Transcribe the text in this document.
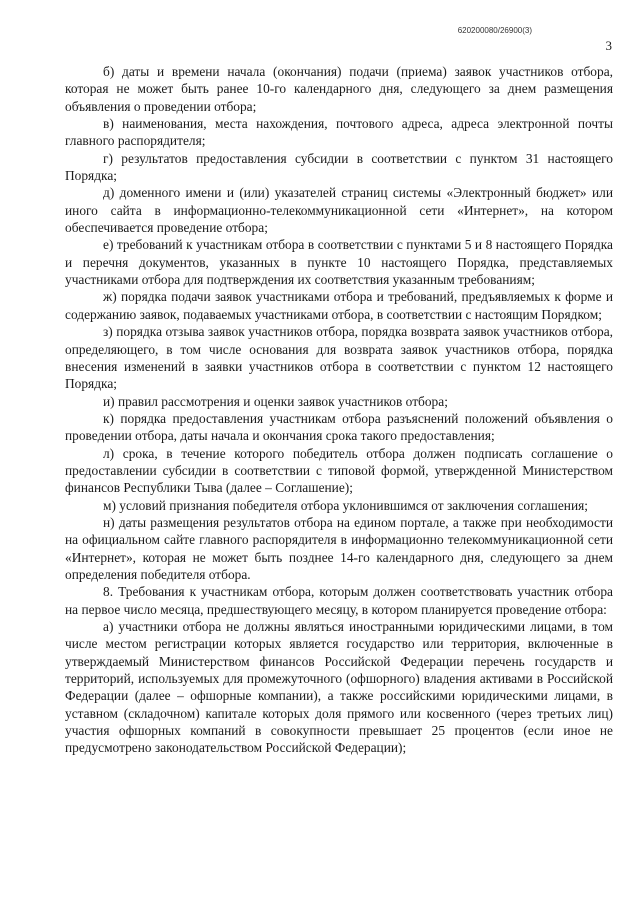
620200080/26900(3)
3

б) даты и времени начала (окончания) подачи (приема) заявок участников отбора, которая не может быть ранее 10-го календарного дня, следующего за днем размещения объявления о проведении отбора;

в) наименования, места нахождения, почтового адреса, адреса электронной почты главного распорядителя;

г) результатов предоставления субсидии в соответствии с пунктом 31 настоящего Порядка;

д) доменного имени и (или) указателей страниц системы «Электронный бюджет» или иного сайта в информационно-телекоммуникационной сети «Интернет», на котором обеспечивается проведение отбора;

е) требований к участникам отбора в соответствии с пунктами 5 и 8 настоящего Порядка и перечня документов, указанных в пункте 10 настоящего Порядка, представляемых участниками отбора для подтверждения их соответствия указанным требованиям;

ж) порядка подачи заявок участниками отбора и требований, предъявляемых к форме и содержанию заявок, подаваемых участниками отбора, в соответствии с настоящим Порядком;

з) порядка отзыва заявок участников отбора, порядка возврата заявок участников отбора, определяющего, в том числе основания для возврата заявок участников отбора, порядка внесения изменений в заявки участников отбора в соответствии с пунктом 12 настоящего Порядка;

и) правил рассмотрения и оценки заявок участников отбора;

к) порядка предоставления участникам отбора разъяснений положений объявления о проведении отбора, даты начала и окончания срока такого предоставления;

л) срока, в течение которого победитель отбора должен подписать соглашение о предоставлении субсидии в соответствии с типовой формой, утвержденной Министерством финансов Республики Тыва (далее – Соглашение);

м) условий признания победителя отбора уклонившимся от заключения соглашения;

н) даты размещения результатов отбора на едином портале, а также при необходимости на официальном сайте главного распорядителя в информационно телекоммуникационной сети «Интернет», которая не может быть позднее 14-го календарного дня, следующего за днем определения победителя отбора.

8. Требования к участникам отбора, которым должен соответствовать участник отбора на первое число месяца, предшествующего месяцу, в котором планируется проведение отбора:

а) участники отбора не должны являться иностранными юридическими лицами, в том числе местом регистрации которых является государство или территория, включенные в утверждаемый Министерством финансов Российской Федерации перечень государств и территорий, используемых для промежуточного (офшорного) владения активами в Российской Федерации (далее – офшорные компании), а также российскими юридическими лицами, в уставном (складочном) капитале которых доля прямого или косвенного (через третьих лиц) участия офшорных компаний в совокупности превышает 25 процентов (если иное не предусмотрено законодательством Российской Федерации);
